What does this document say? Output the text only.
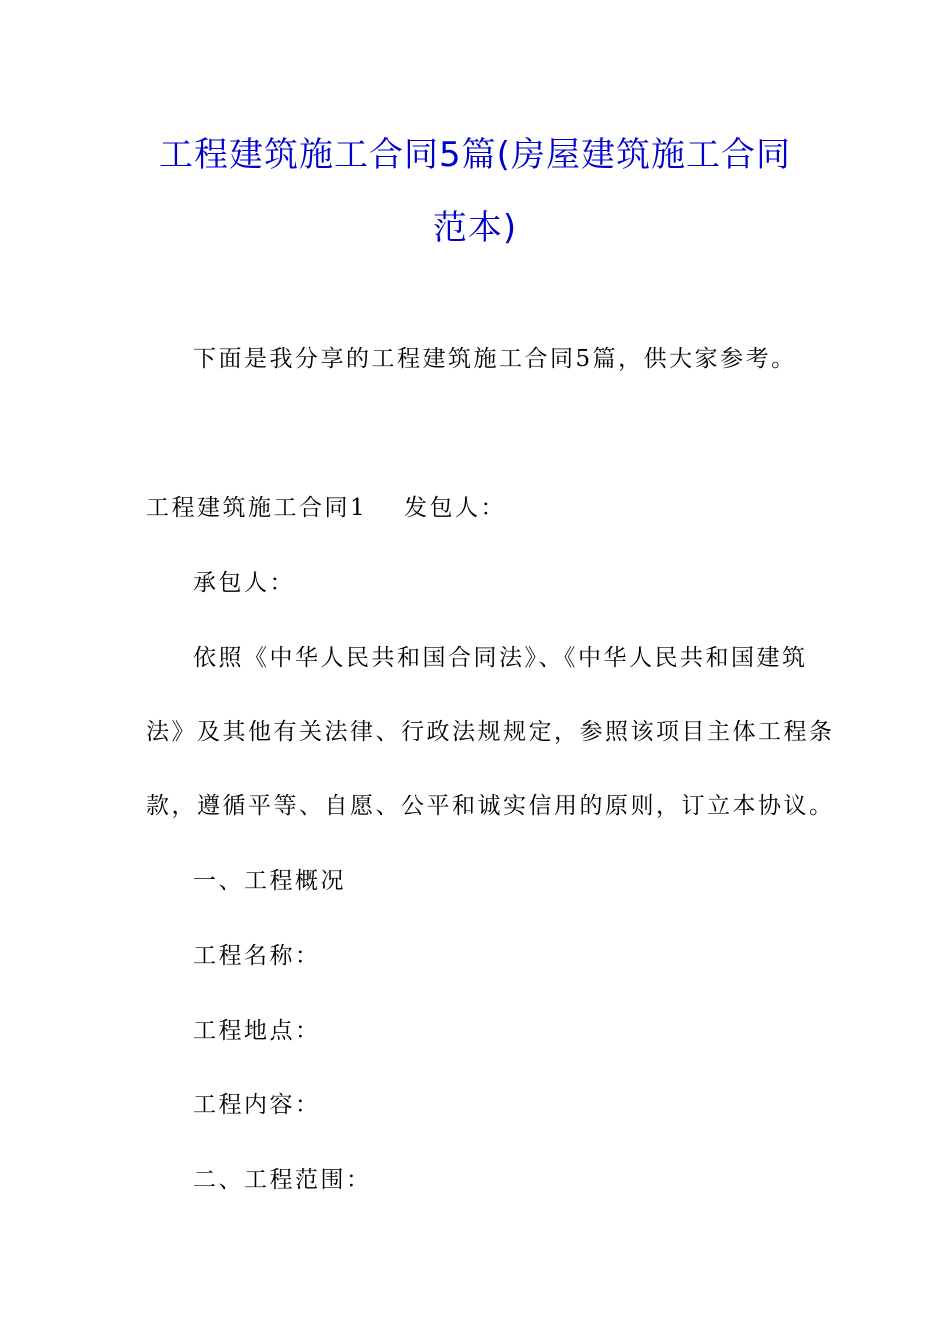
工程建筑施工合同5篇(房屋建筑施工合同
范本)
下面是我分享的工程建筑施工合同5篇，供大家参考。
工程建筑施工合同1 发包人：
承包人：
依照《中华人民共和国合同法》、《中华人民共和国建筑
法》及其他有关法律、行政法规规定，参照该项目主体工程条
款，遵循平等、自愿、公平和诚实信用的原则，订立本协议。
一、工程概况
工程名称：
工程地点：
工程内容：
二、工程范围：
